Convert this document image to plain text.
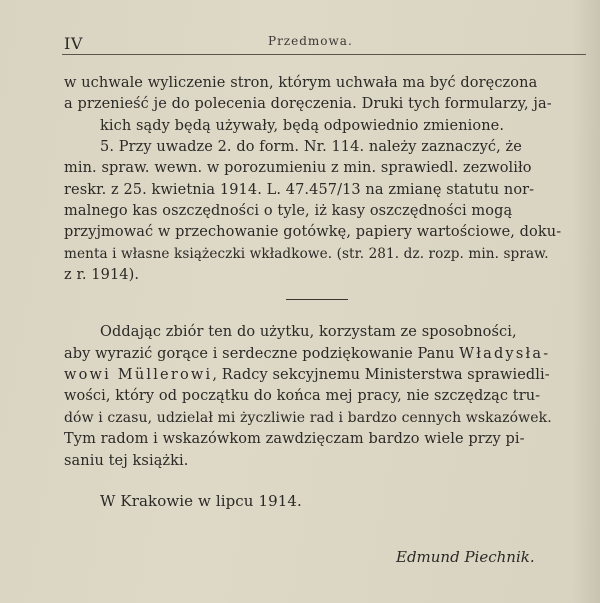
IV	Przedmowa.
w uchwale wyliczenie stron, którym uchwała ma być doręczona
a przenieść je do polecenia doręczenia. Druki tych formularzy, ja-
kich sądy będą używały, będą odpowiednio zmienione.
5. Przy uwadze 2. do form. Nr. 114. należy zaznaczyć, że
min. spraw. wewn. w porozumieniu z min. sprawiedl. zezwoliło
reskr. z 25. kwietnia 1914. L. 47.457/13 na zmianę statutu nor-
malnego kas oszczędności o tyle, iż kasy oszczędności mogą
przyjmować w przechowanie gotówkę, papiery wartościowe, doku-
menta i własne książeczki wkładkowe. (str. 281. dz. rozp. min. spraw.
z r. 1914).
Oddając zbiór ten do użytku, korzystam ze sposobności,
aby wyrazić gorące i serdeczne podziękowanie Panu Władysła-
wowi Müllerowi, Radcy sekcyjnemu Ministerstwa sprawiedli-
wości, który od początku do końca mej pracy, nie szczędząc tru-
dów i czasu, udzielał mi życzliwie rad i bardzo cennych wskazówek.
Tym radom i wskazówkom zawdzięczam bardzo wiele przy pi-
saniu tej książki.
W Krakowie w lipcu 1914.
Edmund Piechnik.
